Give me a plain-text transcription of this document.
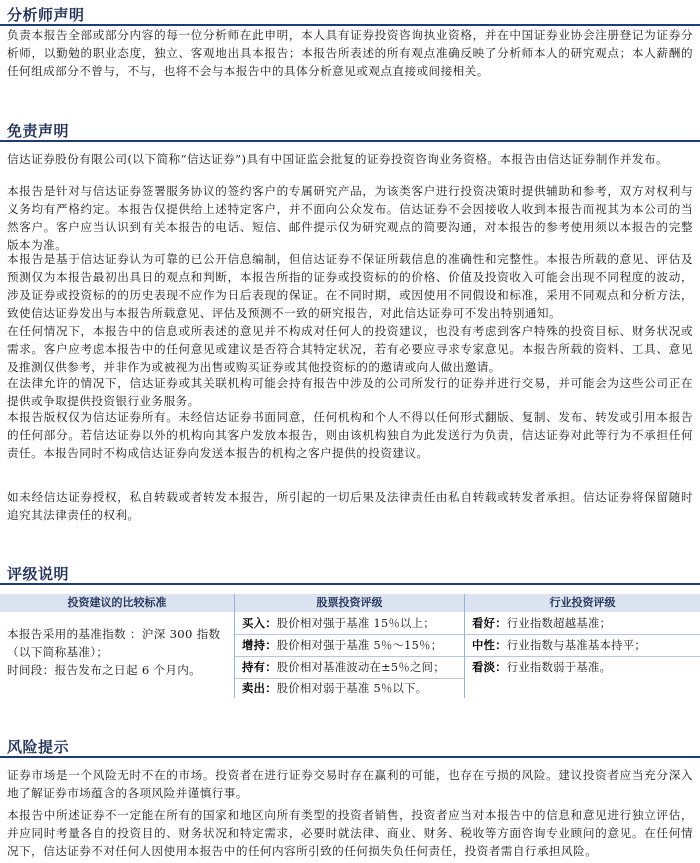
分析师声明
负责本报告全部或部分内容的每一位分析师在此申明，本人具有证券投资咨询执业资格，并在中国证券业协会注册登记为证券分析师，以勤勉的职业态度，独立、客观地出具本报告；本报告所表述的所有观点准确反映了分析师本人的研究观点；本人薪酬的任何组成部分不曾与，不与，也将不会与本报告中的具体分析意见或观点直接或间接相关。
免责声明
信达证券股份有限公司(以下简称“信达证券”)具有中国证监会批复的证券投资咨询业务资格。本报告由信达证券制作并发布。
本报告是针对与信达证券签署服务协议的签约客户的专属研究产品，为该类客户进行投资决策时提供辅助和参考，双方对权利与义务均有严格约定。本报告仅提供给上述特定客户，并不面向公众发布。信达证券不会因接收人收到本报告而视其为本公司的当然客户。客户应当认识到有关本报告的电话、短信、邮件提示仅为研究观点的简要沟通，对本报告的参考使用须以本报告的完整版本为准。
本报告是基于信达证券认为可靠的已公开信息编制，但信达证券不保证所载信息的准确性和完整性。本报告所载的意见、评估及预测仅为本报告最初出具日的观点和判断，本报告所指的证券或投资标的的价格、价值及投资收入可能会出现不同程度的波动，涉及证券或投资标的的历史表现不应作为日后表现的保证。在不同时期，或因使用不同假设和标准，采用不同观点和分析方法，致使信达证券发出与本报告所载意见、评估及预测不一致的研究报告，对此信达证券可不发出特别通知。
在任何情况下，本报告中的信息或所表述的意见并不构成对任何人的投资建议，也没有考虑到客户特殊的投资目标、财务状况或需求。客户应考虑本报告中的任何意见或建议是否符合其特定状况，若有必要应寻求专家意见。本报告所载的资料、工具、意见及推测仅供参考，并非作为或被视为出售或购买证券或其他投资标的的邀请或向人做出邀请。
在法律允许的情况下，信达证券或其关联机构可能会持有报告中涉及的公司所发行的证券并进行交易，并可能会为这些公司正在提供或争取提供投资银行业务服务。
本报告版权仅为信达证券所有。未经信达证券书面同意，任何机构和个人不得以任何形式翻版、复制、发布、转发或引用本报告的任何部分。若信达证券以外的机构向其客户发放本报告，则由该机构独自为此发送行为负责，信达证券对此等行为不承担任何责任。本报告同时不构成信达证券向发送本报告的机构之客户提供的投资建议。
如未经信达证券授权，私自转载或者转发本报告，所引起的一切后果及法律责任由私自转载或转发者承担。信达证券将保留随时追究其法律责任的权利。
评级说明
投资建议的比较标准	股票投资评级	行业投资评级
本报告采用的基准指数 ：沪深 300 指数（以下简称基准）；
时间段：报告发布之日起 6 个月内。
买入：股价相对强于基准 15％以上；
增持：股价相对强于基准 5％～15％；
持有：股价相对基准波动在±5％之间；
卖出：股价相对弱于基准 5％以下。
看好：行业指数超越基准；
中性：行业指数与基准基本持平；
看淡：行业指数弱于基准。
风险提示
证券市场是一个风险无时不在的市场。投资者在进行证券交易时存在赢利的可能，也存在亏损的风险。建议投资者应当充分深入地了解证券市场蕴含的各项风险并谨慎行事。
本报告中所述证券不一定能在所有的国家和地区向所有类型的投资者销售，投资者应当对本报告中的信息和意见进行独立评估，并应同时考量各自的投资目的、财务状况和特定需求，必要时就法律、商业、财务、税收等方面咨询专业顾问的意见。在任何情况下，信达证券不对任何人因使用本报告中的任何内容所引致的任何损失负任何责任，投资者需自行承担风险。
